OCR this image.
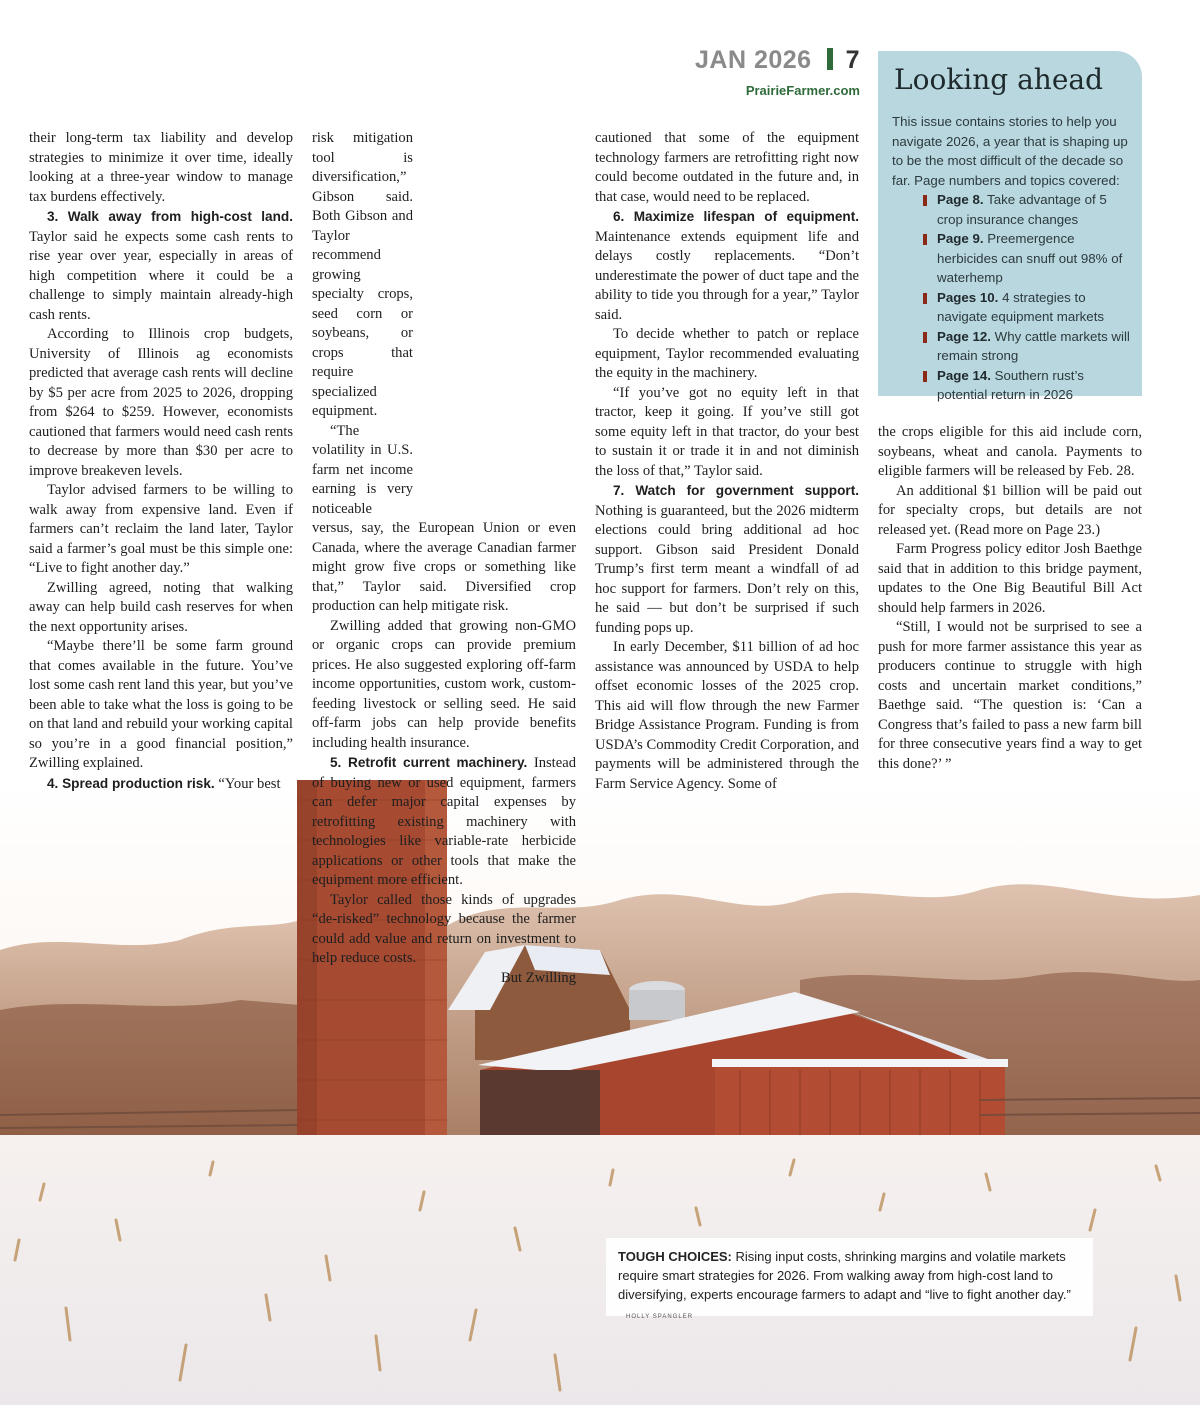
JAN 2026 7
PrairieFarmer.com Looking ahead

This issue contains stories to help you navigate 2026, a year that is shaping up to be the most difficult of the decade so far. Page numbers and topics covered:

Page 8. Take advantage of 5 crop insurance changes
Page 9. Preemergence herbicides can snuff out 98% of waterhemp
Pages 10. 4 strategies to navigate equipment markets
Page 12. Why cattle markets will remain strong
Page 14. Southern rust’s potential return in 2026

their long-term tax liability and develop strategies to minimize it over time, ideally looking at a three-year window to manage tax burdens effectively.

3. Walk away from high-cost land. Taylor said he expects some cash rents to rise year over year, especially in areas of high competition where it could be a challenge to simply maintain already-high cash rents.

According to Illinois crop budgets, University of Illinois ag economists predicted that average cash rents will decline by $5 per acre from 2025 to 2026, dropping from $264 to $259. However, economists cautioned that farmers would need cash rents to decrease by more than $30 per acre to improve breakeven levels.

Taylor advised farmers to be willing to walk away from expensive land. Even if farmers can’t reclaim the land later, Taylor said a farmer’s goal must be this simple one: “Live to fight another day.”

Zwilling agreed, noting that walking away can help build cash reserves for when the next opportunity arises.

“Maybe there’ll be some farm ground that comes available in the future. You’ve lost some cash rent land this year, but you’ve been able to take what the loss is going to be on that land and rebuild your working capital so you’re in a good financial position,” Zwilling explained.

4. Spread production risk. “Your best

risk mitigation tool is diversification,” Gibson said. Both Gibson and Taylor recommend growing specialty crops, seed corn or soybeans, or crops that require specialized equipment.

“The volatility in U.S. farm net income earning is very noticeable versus, say, the European Union or even Canada, where the average Canadian farmer might grow five crops or something like that,” Taylor said. Diversified crop production can help mitigate risk.

Zwilling added that growing non-GMO or organic crops can provide premium prices. He also suggested exploring off-farm income opportunities, custom work, custom-feeding livestock or selling seed. He said off-farm jobs can help provide benefits including health insurance.

5. Retrofit current machinery. Instead of buying new or used equipment, farmers can defer major capital expenses by retrofitting existing machinery with technologies like variable-rate herbicide applications or other tools that make the equipment more efficient.

Taylor called those kinds of upgrades “de-risked” technology because the farmer could add value and return on investment to help reduce costs.

But Zwilling

cautioned that some of the equipment technology farmers are retrofitting right now could become outdated in the future and, in that case, would need to be replaced.

6. Maximize lifespan of equipment. Maintenance extends equipment life and delays costly replacements. “Don’t underestimate the power of duct tape and the ability to tide you through for a year,” Taylor said.

To decide whether to patch or replace equipment, Taylor recommended evaluating the equity in the machinery.

“If you’ve got no equity left in that tractor, keep it going. If you’ve still got some equity left in that tractor, do your best to sustain it or trade it in and not diminish the loss of that,” Taylor said.

7. Watch for government support. Nothing is guaranteed, but the 2026 midterm elections could bring additional ad hoc support. Gibson said President Donald Trump’s first term meant a windfall of ad hoc support for farmers. Don’t rely on this, he said — but don’t be surprised if such funding pops up.

In early December, $11 billion of ad hoc assistance was announced by USDA to help offset economic losses of the 2025 crop. This aid will flow through the new Farmer Bridge Assistance Program. Funding is from USDA’s Commodity Credit Corporation, and payments will be administered through the Farm Service Agency. Some of

the crops eligible for this aid include corn, soybeans, wheat and canola. Payments to eligible farmers will be released by Feb. 28.

An additional $1 billion will be paid out for specialty crops, but details are not released yet. (Read more on Page 23.)

Farm Progress policy editor Josh Baethge said that in addition to this bridge payment, updates to the One Big Beautiful Bill Act should help farmers in 2026.

“Still, I would not be surprised to see a push for more farmer assistance this year as producers continue to struggle with high costs and uncertain market conditions,” Baethge said. “The question is: ‘Can a Congress that’s failed to pass a new farm bill for three consecutive years find a way to get this done?’ ”

TOUGH CHOICES: Rising input costs, shrinking margins and volatile markets require smart strategies for 2026. From walking away from high-cost land to diversifying, experts encourage farmers to adapt and “live to fight another day.” HOLLY SPANGLER
